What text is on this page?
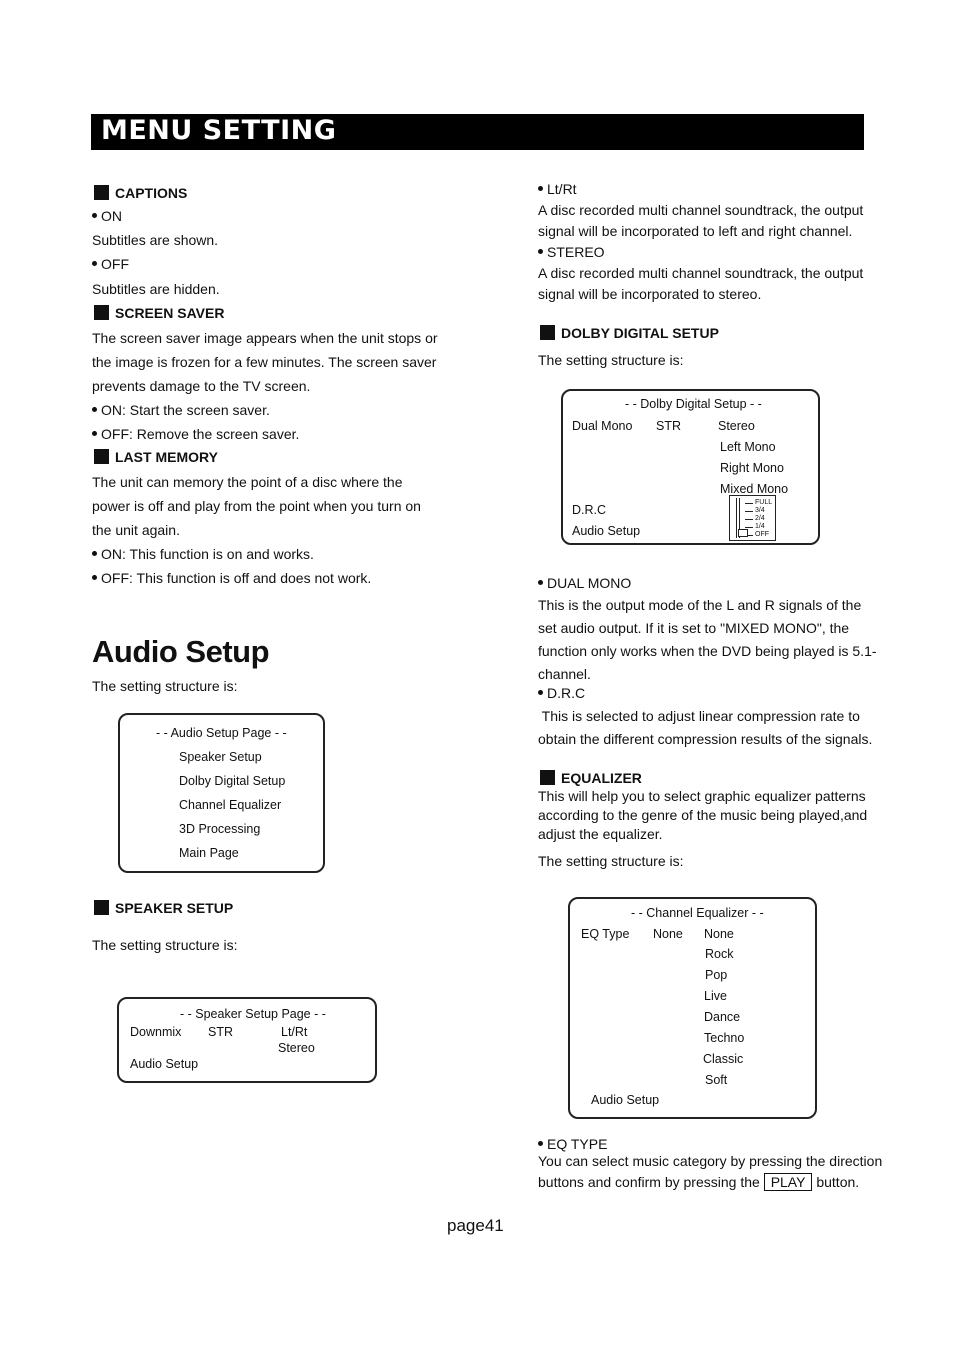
MENU SETTING
CAPTIONS
ON
Subtitles are shown.
OFF
Subtitles are hidden.
SCREEN SAVER
The screen saver image appears when the unit stops or
the image is frozen for a few minutes. The screen saver
prevents damage to the TV screen.
ON: Start the screen saver.
OFF: Remove the screen saver.
LAST MEMORY
The unit can memory the point of a disc where the
power is off and play from the point when you turn on
the unit again.
ON: This function is on and works.
OFF: This function is off and does not work.
Audio Setup
The setting structure is:
- - Audio Setup Page - -
Speaker Setup
Dolby Digital Setup
Channel Equalizer
3D Processing
Main Page
SPEAKER SETUP
The setting structure is:
- - Speaker Setup Page - -
Downmix STR	Lt/Rt
Stereo
Audio Setup
Lt/Rt
A disc recorded multi channel soundtrack, the output
signal will be incorporated to left and right channel.
STEREO
A disc recorded multi channel soundtrack, the output
signal will be incorporated to stereo.
DOLBY DIGITAL SETUP
The setting structure is:
- - Dolby Digital Setup - -
Dual Mono STR	Stereo
Left Mono
Right Mono
Mixed Mono
D.R.C
Audio Setup
FULL
3/4
2/4
1/4
OFF
DUAL MONO
This is the output mode of the L and R signals of the
set audio output. If it is set to "MIXED MONO", the
function only works when the DVD being played is 5.1-
channel.
D.R.C
This is selected to adjust linear compression rate to
obtain the different compression results of the signals.
EQUALIZER
This will help you to select graphic equalizer patterns
according to the genre of the music being played,and
adjust the equalizer.
The setting structure is:
- - Channel Equalizer - -
EQ Type None None
Rock
Pop
Live
Dance
Techno
Classic
Soft
Audio Setup
EQ TYPE
You can select music category by pressing the direction
buttons and confirm by pressing the PLAY button.
page41
